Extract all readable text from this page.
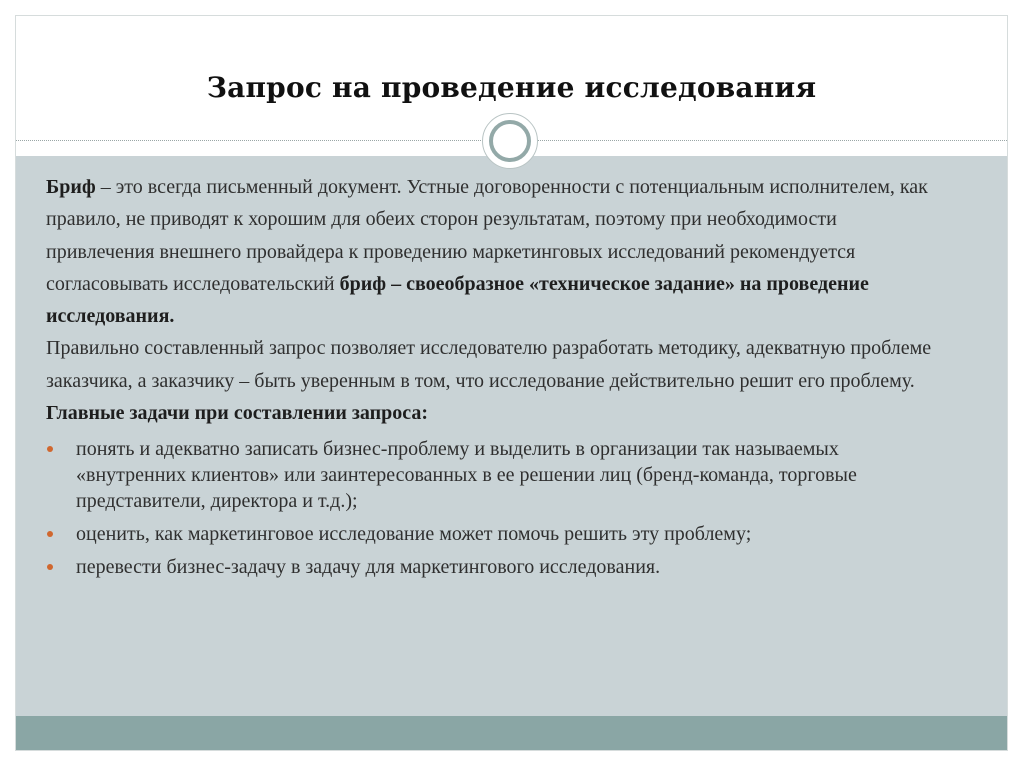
Запрос на проведение исследования
Бриф – это всегда письменный документ. Устные договоренности с потенциальным исполнителем, как правило, не приводят к хорошим для обеих сторон результатам, поэтому при необходимости привлечения внешнего провайдера к проведению маркетинговых исследований рекомендуется согласовывать исследовательский бриф – своеобразное «техническое задание» на проведение исследования.
Правильно составленный запрос позволяет исследователю разработать методику, адекватную проблеме заказчика, а заказчику – быть уверенным в том, что исследование действительно решит его проблему.
Главные задачи при составлении запроса:
понять и адекватно записать бизнес-проблему и выделить в организации так называемых «внутренних клиентов» или заинтересованных в ее решении лиц (бренд-команда, торговые представители, директора и т.д.);
оценить, как маркетинговое исследование может помочь решить эту проблему;
перевести бизнес-задачу в задачу для маркетингового исследования.
